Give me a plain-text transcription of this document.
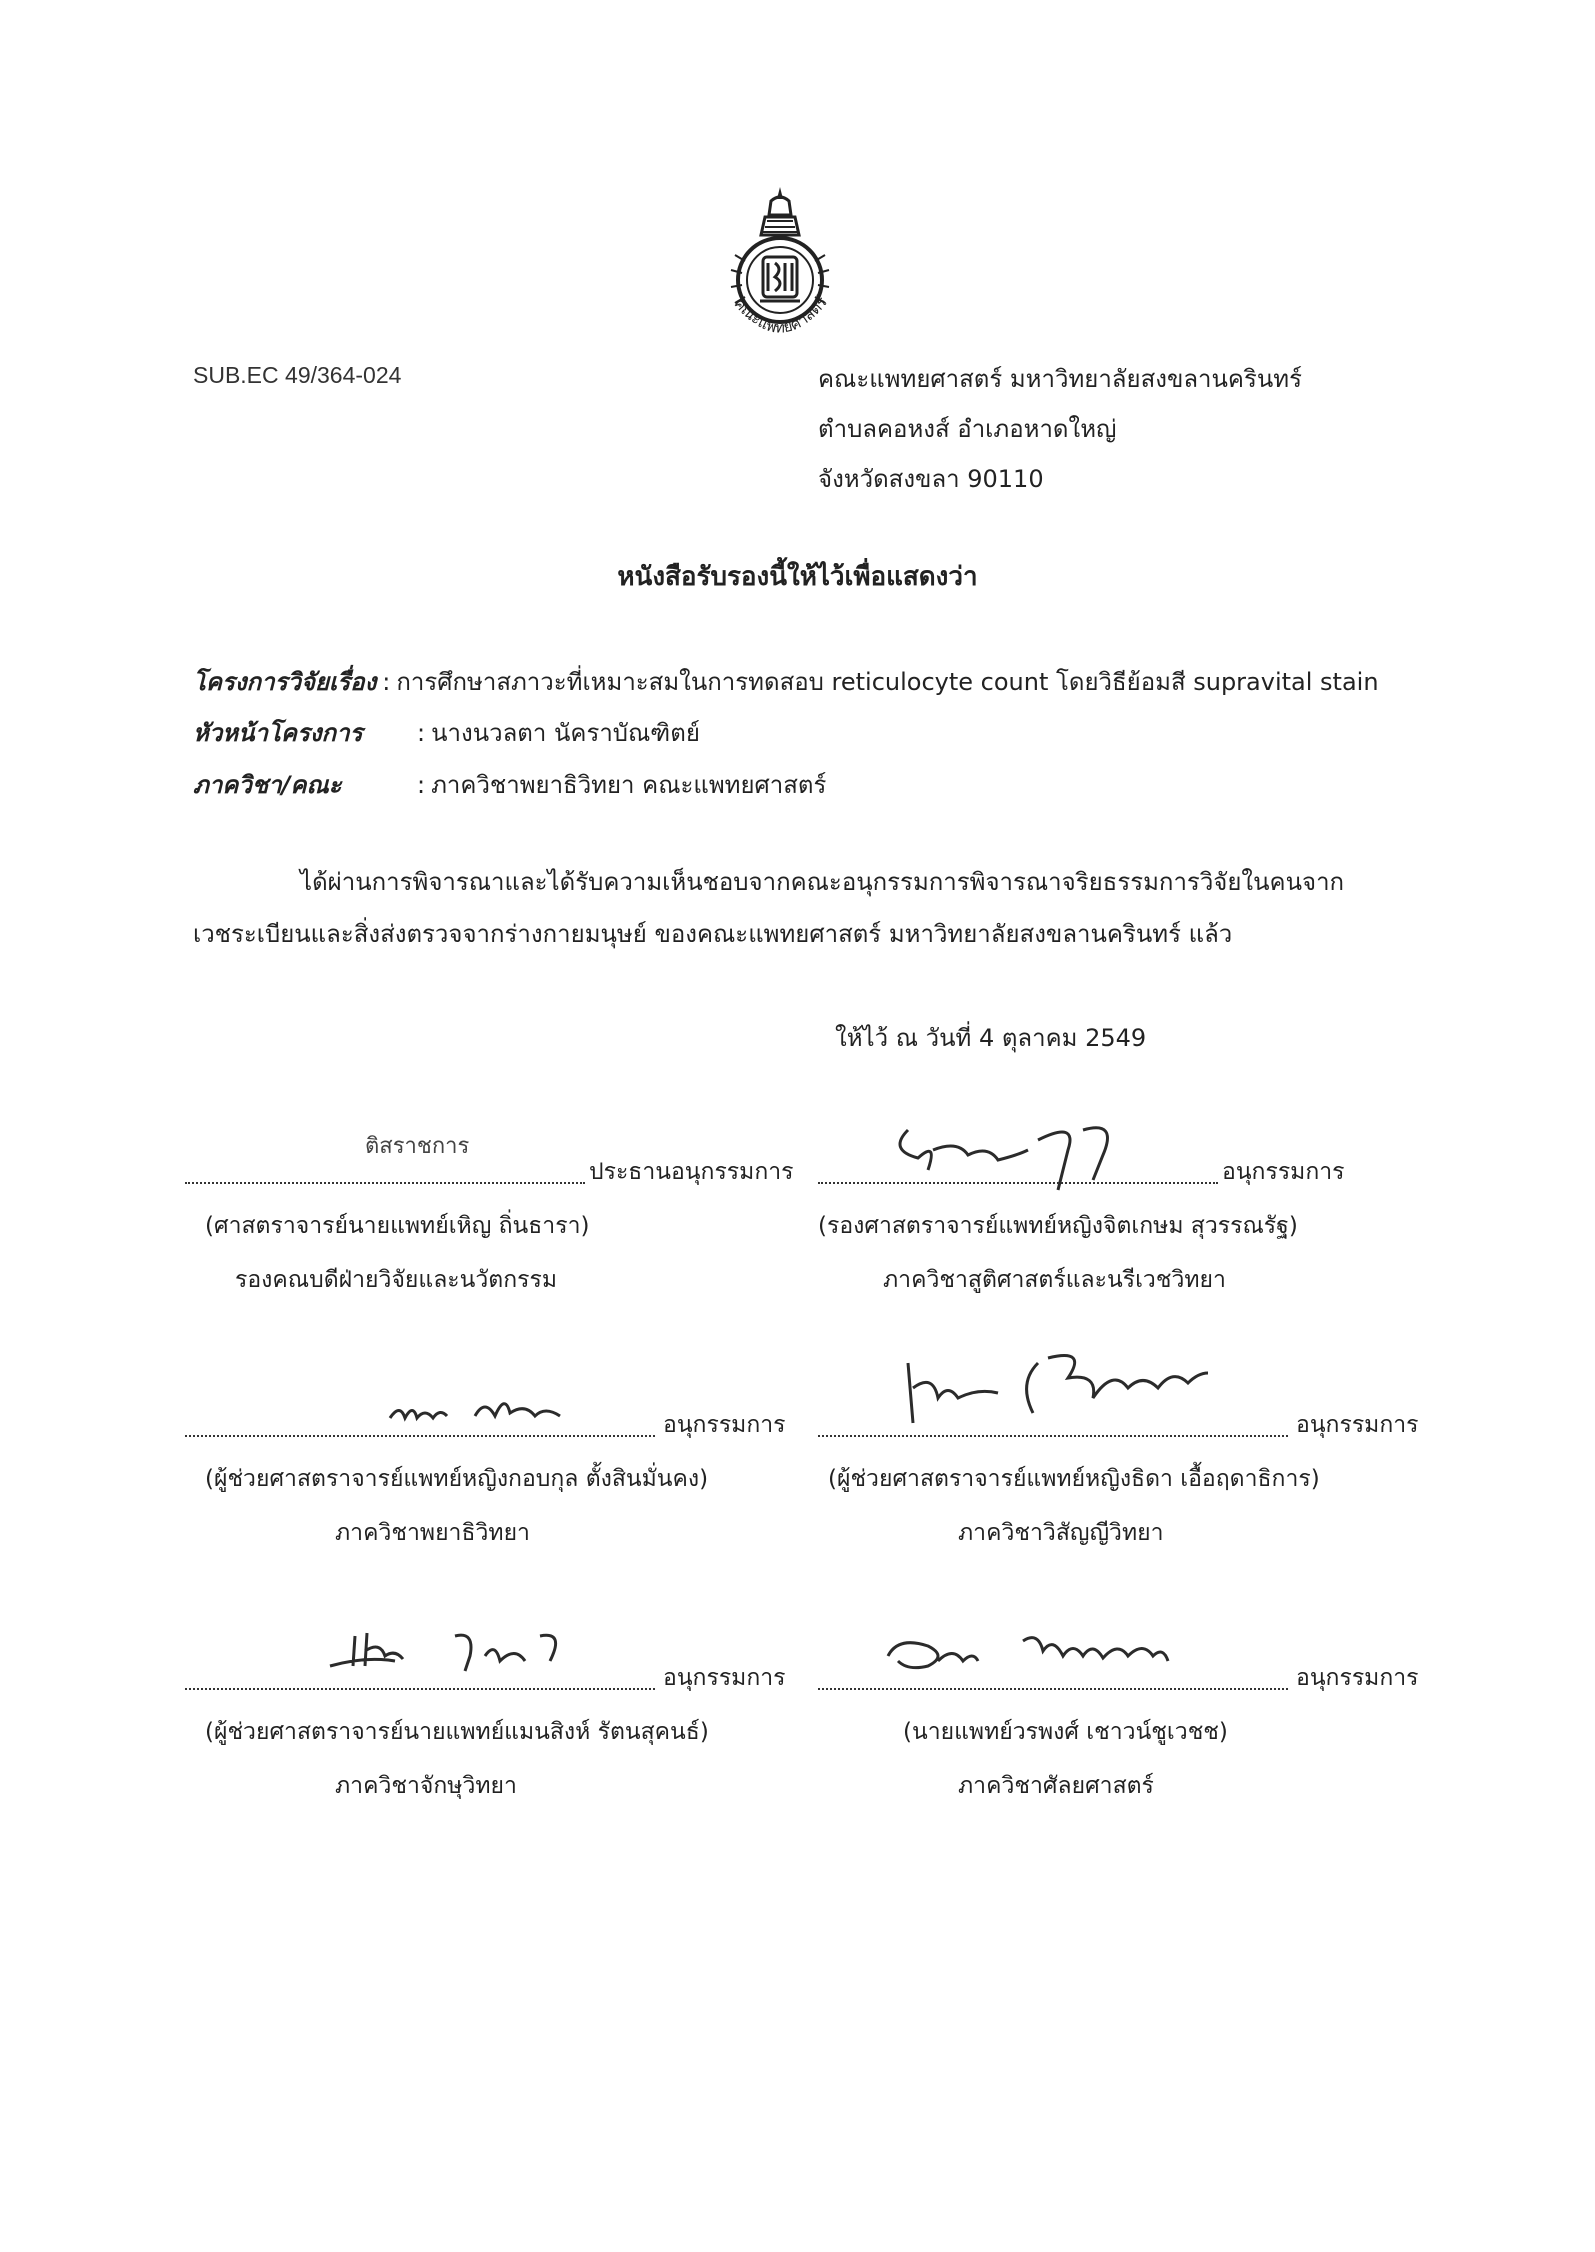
คณะแพทยศาสตร์
SUB.EC 49/364-024	คณะแพทยศาสตร์ มหาวิทยาลัยสงขลานครินทร์
ตำบลคอหงส์ อำเภอหาดใหญ่
จังหวัดสงขลา 90110
หนังสือรับรองนี้ให้ไว้เพื่อแสดงว่า
โครงการวิจัยเรื่อง : การศึกษาสภาวะที่เหมาะสมในการทดสอบ reticulocyte count โดยวิธีย้อมสี supravital stain
หัวหน้าโครงการ : นางนวลตา นัคราบัณฑิตย์
ภาควิชา/คณะ	: ภาควิชาพยาธิวิทยา คณะแพทยศาสตร์
ได้ผ่านการพิจารณาและได้รับความเห็นชอบจากคณะอนุกรรมการพิจารณาจริยธรรมการวิจัยในคนจาก
เวชระเบียนและสิ่งส่งตรวจจากร่างกายมนุษย์ ของคณะแพทยศาสตร์ มหาวิทยาลัยสงขลานครินทร์ แล้ว
ให้ไว้ ณ วันที่ 4 ตุลาคม 2549
ติสราชการ
ประธานอนุกรรมการ
(ศาสตราจารย์นายแพทย์เหิญ ถิ่นธารา)
รองคณบดีฝ่ายวิจัยและนวัตกรรม
อนุกรรมการ
(รองศาสตราจารย์แพทย์หญิงจิตเกษม สุวรรณรัฐ)
ภาควิชาสูติศาสตร์และนรีเวชวิทยา
อนุกรรมการ
(ผู้ช่วยศาสตราจารย์แพทย์หญิงกอบกุล ตั้งสินมั่นคง)
ภาควิชาพยาธิวิทยา
อนุกรรมการ
(ผู้ช่วยศาสตราจารย์แพทย์หญิงธิดา เอื้อฤดาธิการ)
ภาควิชาวิสัญญีวิทยา
อนุกรรมการ
(ผู้ช่วยศาสตราจารย์นายแพทย์แมนสิงห์ รัตนสุคนธ์)
ภาควิชาจักษุวิทยา
อนุกรรมการ
(นายแพทย์วรพงศ์ เชาวน์ชูเวชช)
ภาควิชาศัลยศาสตร์
